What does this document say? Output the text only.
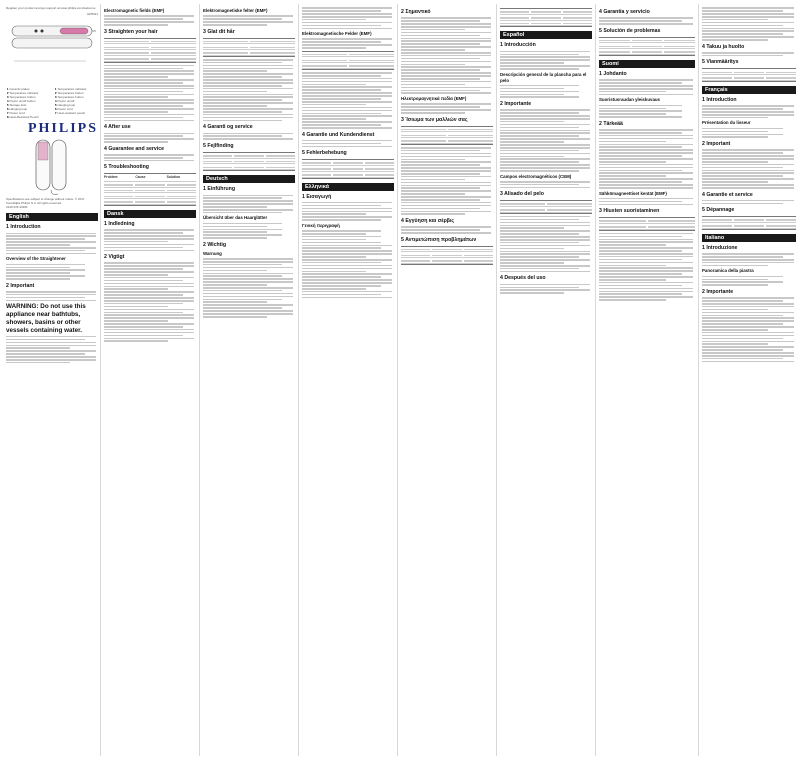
Register your product and get support at www.philips.com/welcome
HP8321
1Ceramic plates
2Temperature indicator
3Temperature button
4Power on/off button
5Storage lock
6Hanging loop
7Power cord
8Heat-Resistant Pouch
1Temperature indicator
2Temperature button
3Temperature button
4Power on/off
5Hanging loop
6Power cord
7Heat-resistant pouch
PHILIPS
Specifications are subject to change without notice. © 2017 Koninklijke Philips N.V. All rights reserved.
3140 035 43181
English
1 Introduction
Overview of the Straightener
2 Important
WARNING: Do not use this appliance near bathtubs, showers, basins or other vessels containing water.
Electromagnetic fields (EMF)
3 Straighten your hair
4 After use
4 Guarantee and service
5 Troubleshooting
Problem	Cause	Solution
Dansk
1 Indledning
2 Vigtigt
Elektromagnetiske felter (EMF)
3 Glat dit hår
4 Garanti og service
5 Fejlfinding
Deutsch
1 Einführung
Übersicht über das Haarglätter
2 Wichtig
Warnung
Elektromagnetische Felder (EMF)
4 Garantie und Kundendienst
5 Fehlerbehebung
Ελληνικά
1 Εισαγωγή
Γενική περιγραφή
2 Σημαντικό
Ηλεκτρομαγνητικά πεδία (EMF)
3 Ίσιωμα των μαλλιών σας
4 Εγγύηση και σέρβις
5 Αντιμετώπιση προβλημάτων
Español
1 Introducción
Descripción general de la plancha para el pelo
2 Importante
Campos electromagnéticos (CEM)
3 Alisado del pelo
4 Después del uso
4 Garantía y servicio
5 Solución de problemas
Suomi
1 Johdanto
Suoristusraudan yleiskuvaus
2 Tärkeää
Sähkömagneettiset kentät (EMF)
3 Hiusten suoristaminen
4 Takuu ja huolto
5 Vianmääritys
Français
1 Introduction
Présentation du lisseur
2 Important
4 Garantie et service
5 Dépannage
Italiano
1 Introduzione
Panoramica della piastra
2 Importante
